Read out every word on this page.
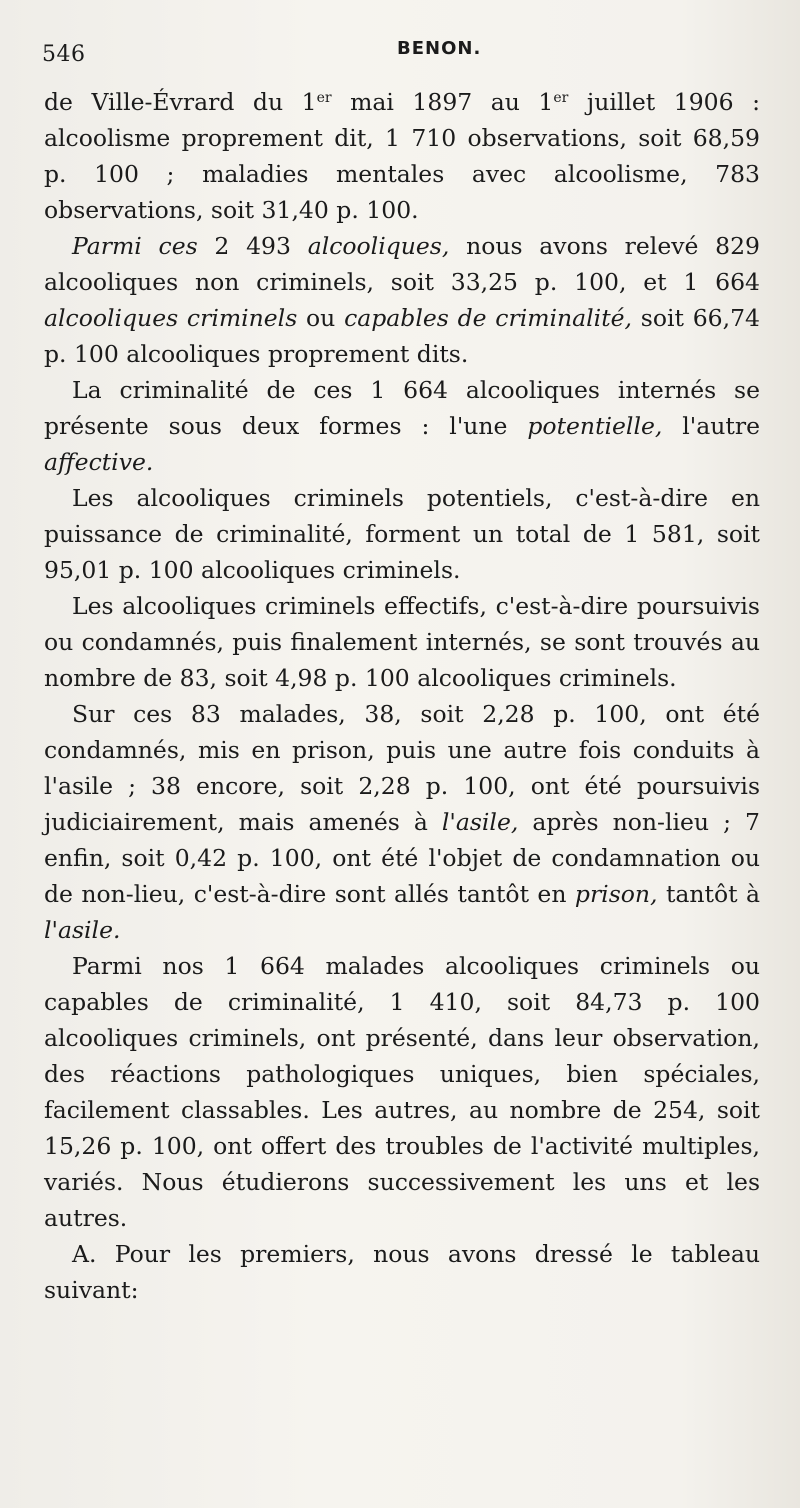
546	BENON.

de Ville-Évrard du 1er mai 1897 au 1er juillet 1906 : alcoolisme proprement dit, 1 710 observations, soit 68,59 p. 100 ; maladies mentales avec alcoolisme, 783 observations, soit 31,40 p. 100.

Parmi ces 2 493 alcooliques, nous avons relevé 829 alcooliques non criminels, soit 33,25 p. 100, et 1 664 alcooliques criminels ou capables de criminalité, soit 66,74 p. 100 alcooliques proprement dits.

La criminalité de ces 1 664 alcooliques internés se présente sous deux formes : l'une potentielle, l'autre affective.

Les alcooliques criminels potentiels, c'est-à-dire en puissance de criminalité, forment un total de 1 581, soit 95,01 p. 100 alcooliques criminels.

Les alcooliques criminels effectifs, c'est-à-dire poursuivis ou condamnés, puis finalement internés, se sont trouvés au nombre de 83, soit 4,98 p. 100 alcooliques criminels.

Sur ces 83 malades, 38, soit 2,28 p. 100, ont été condamnés, mis en prison, puis une autre fois conduits à l'asile ; 38 encore, soit 2,28 p. 100, ont été poursuivis judiciairement, mais amenés à l'asile, après non-lieu ; 7 enfin, soit 0,42 p. 100, ont été l'objet de condamnation ou de non-lieu, c'est-à-dire sont allés tantôt en prison, tantôt à l'asile.

Parmi nos 1 664 malades alcooliques criminels ou capables de criminalité, 1 410, soit 84,73 p. 100 alcooliques criminels, ont présenté, dans leur observation, des réactions pathologiques uniques, bien spéciales, facilement classables. Les autres, au nombre de 254, soit 15,26 p. 100, ont offert des troubles de l'activité multiples, variés. Nous étudierons successivement les uns et les autres.

A. Pour les premiers, nous avons dressé le tableau suivant:
